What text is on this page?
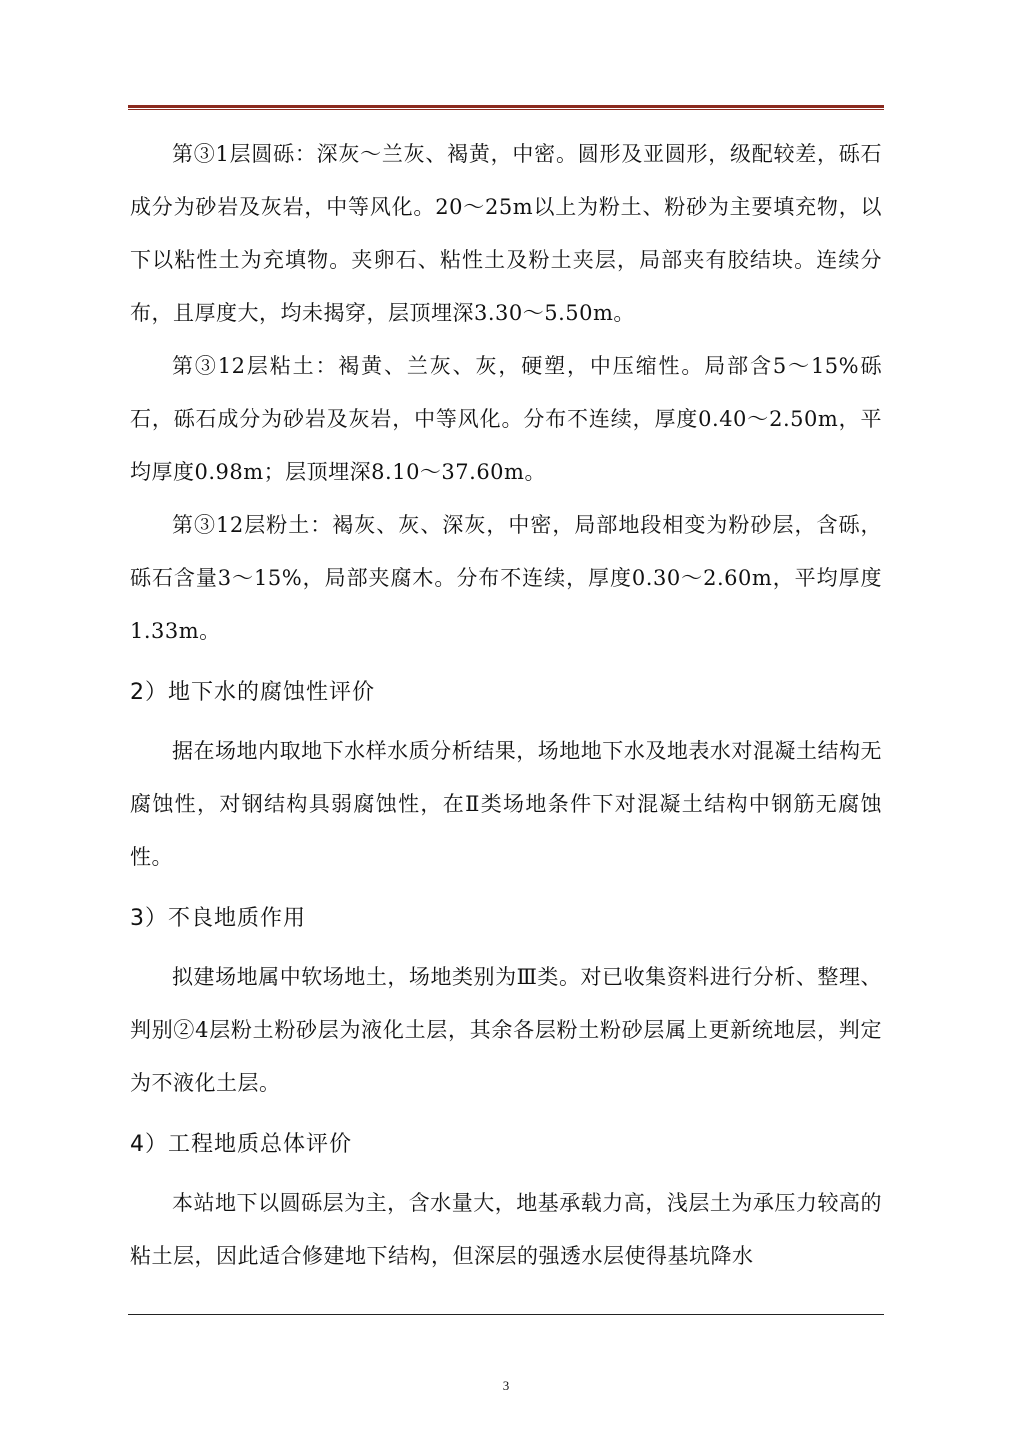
第③1层圆砾：深灰～兰灰、褐黄，中密。圆形及亚圆形，级配较差，砾石成分为砂岩及灰岩，中等风化。20～25m以上为粉土、粉砂为主要填充物，以下以粘性土为充填物。夹卵石、粘性土及粉土夹层，局部夹有胶结块。连续分布，且厚度大，均未揭穿，层顶埋深3.30～5.50m。

第③12层粘土：褐黄、兰灰、灰，硬塑，中压缩性。局部含5～15%砾石，砾石成分为砂岩及灰岩，中等风化。分布不连续，厚度0.40～2.50m，平均厚度0.98m；层顶埋深8.10～37.60m。

第③12层粉土：褐灰、灰、深灰，中密，局部地段相变为粉砂层，含砾，砾石含量3～15%，局部夹腐木。分布不连续，厚度0.30～2.60m，平均厚度1.33m。

2）地下水的腐蚀性评价

据在场地内取地下水样水质分析结果，场地地下水及地表水对混凝土结构无腐蚀性，对钢结构具弱腐蚀性，在Ⅱ类场地条件下对混凝土结构中钢筋无腐蚀性。

3）不良地质作用

拟建场地属中软场地土，场地类别为Ⅲ类。对已收集资料进行分析、整理、判别②4层粉土粉砂层为液化土层，其余各层粉土粉砂层属上更新统地层，判定为不液化土层。

4）工程地质总体评价

本站地下以圆砾层为主，含水量大，地基承载力高，浅层土为承压力较高的粘土层，因此适合修建地下结构，但深层的强透水层使得基坑降水

3
